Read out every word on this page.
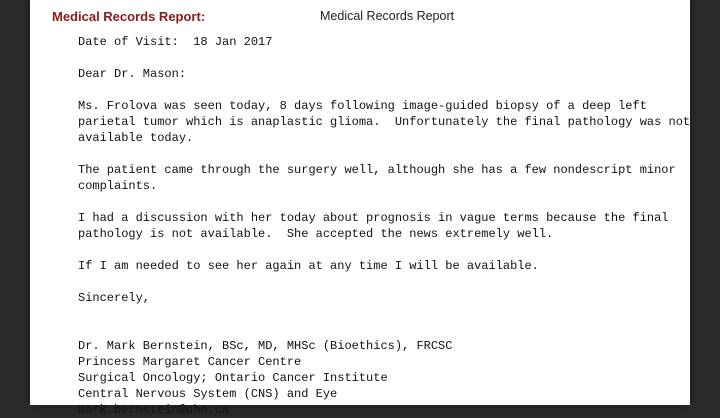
Medical Records Report:	Medical Records Report
Date of Visit:  18 Jan 2017
Dear Dr. Mason:
Ms. Frolova was seen today, 8 days following image-guided biopsy of a deep left
parietal tumor which is anaplastic glioma.  Unfortunately the final pathology was not
available today.
The patient came through the surgery well, although she has a few nondescript minor
complaints.
I had a discussion with her today about prognosis in vague terms because the final
pathology is not available.  She accepted the news extremely well.
If I am needed to see her again at any time I will be available.
Sincerely,
Dr. Mark Bernstein, BSc, MD, MHSc (Bioethics), FRCSC
Princess Margaret Cancer Centre
Surgical Oncology; Ontario Cancer Institute
Central Nervous System (CNS) and Eye
mark.bernstein@uhn.ca
